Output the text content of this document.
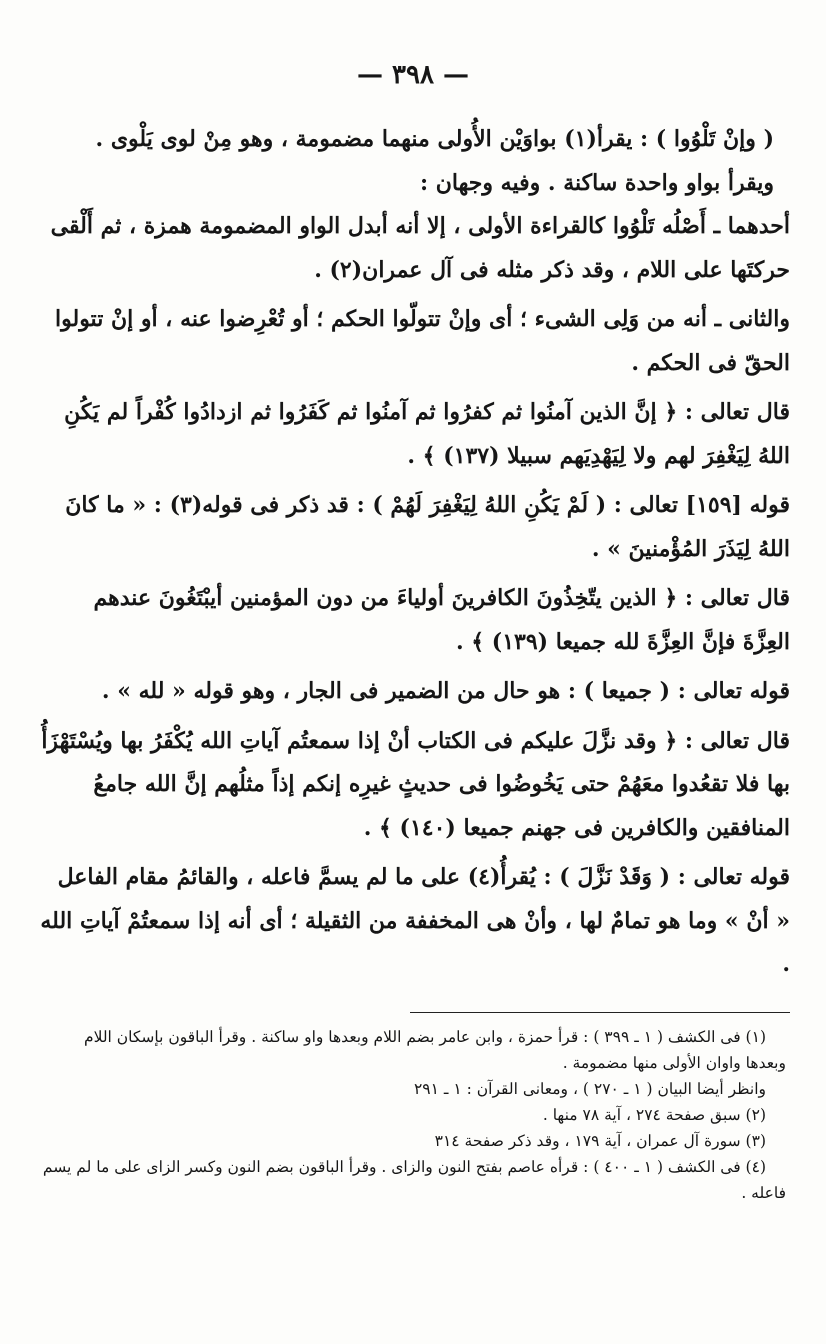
— ٣٩٨ —

( وإنْ تَلْوُوا ) : يقرأ(١) بواوَيْن الأُولى منهما مضمومة ، وهو مِنْ لوى يَلْوى .

ويقرأ بواو واحدة ساكنة . وفيه وجهان :

أحدهما ـ أَصْلُه تَلْوُوا كالقراءة الأولى ، إلا أنه أبدل الواو المضمومة همزة ، ثم أَلْقى حركتَها على اللام ، وقد ذكر مثله فى آل عمران(٢) .

والثانى ـ أنه من وَلِى الشىء ؛ أى وإنْ تتولّوا الحكم ؛ أو تُعْرِضوا عنه ، أو إنْ تتولوا الحقّ فى الحكم .

قال تعالى : ﴿ إنَّ الذين آمنُوا ثم كفرُوا ثم آمنُوا ثم كَفَرُوا ثم ازدادُوا كُفْراً لم يَكُنِ اللهُ لِيَغْفِرَ لهم ولا لِيَهْدِيَهم سبيلا (١٣٧) ﴾ .

قوله [١٥٩] تعالى : ( لَمْ يَكُنِ اللهُ لِيَغْفِرَ لَهُمْ ) : قد ذكر فى قوله(٣) : « ما كانَ اللهُ لِيَذَرَ المُؤْمنينَ » .

قال تعالى : ﴿ الذين يتّخِذُونَ الكافرينَ أولياءَ من دون المؤمنين أيبْتَغُونَ عندهم العِزَّةَ فإنَّ العِزَّةَ لله جميعا (١٣٩) ﴾ .

قوله تعالى : ( جميعا ) : هو حال من الضمير فى الجار ، وهو قوله « لله » .

قال تعالى : ﴿ وقد نزَّلَ عليكم فى الكتاب أنْ إذا سمعتُم آياتِ الله يُكْفَرُ بها ويُسْتَهْزَأُ بها فلا تقعُدوا معَهُمْ حتى يَخُوضُوا فى حديثٍ غيرِه إنكم إذاً مثلُهم إنَّ الله جامعُ المنافقين والكافرين فى جهنم جميعا (١٤٠) ﴾ .

قوله تعالى : ( وَقَدْ نَزَّلَ ) : يُقرأُ(٤) على ما لم يسمَّ فاعله ، والقائمُ مقام الفاعل « أنْ » وما هو تمامٌ لها ، وأنْ هى المخففة من الثقيلة ؛ أى أنه إذا سمعتُمْ آياتِ الله .

(١) فى الكشف ( ١ ـ ٣٩٩ ) : قرأ حمزة ، وابن عامر بضم اللام وبعدها واو ساكنة . وقرأ الباقون بإسكان اللام وبعدها واوان الأولى منها مضمومة .

وانظر أيضا البيان ( ١ ـ ٢٧٠ ) ، ومعانى القرآن : ١ ـ ٢٩١

(٢) سبق صفحة ٢٧٤ ، آية ٧٨ منها .

(٣) سورة آل عمران ، آية ١٧٩ ، وقد ذكر صفحة ٣١٤

(٤) فى الكشف ( ١ ـ ٤٠٠ ) : قرأه عاصم بفتح النون والزاى . وقرأ الباقون بضم النون وكسر الزاى على ما لم يسم فاعله .
